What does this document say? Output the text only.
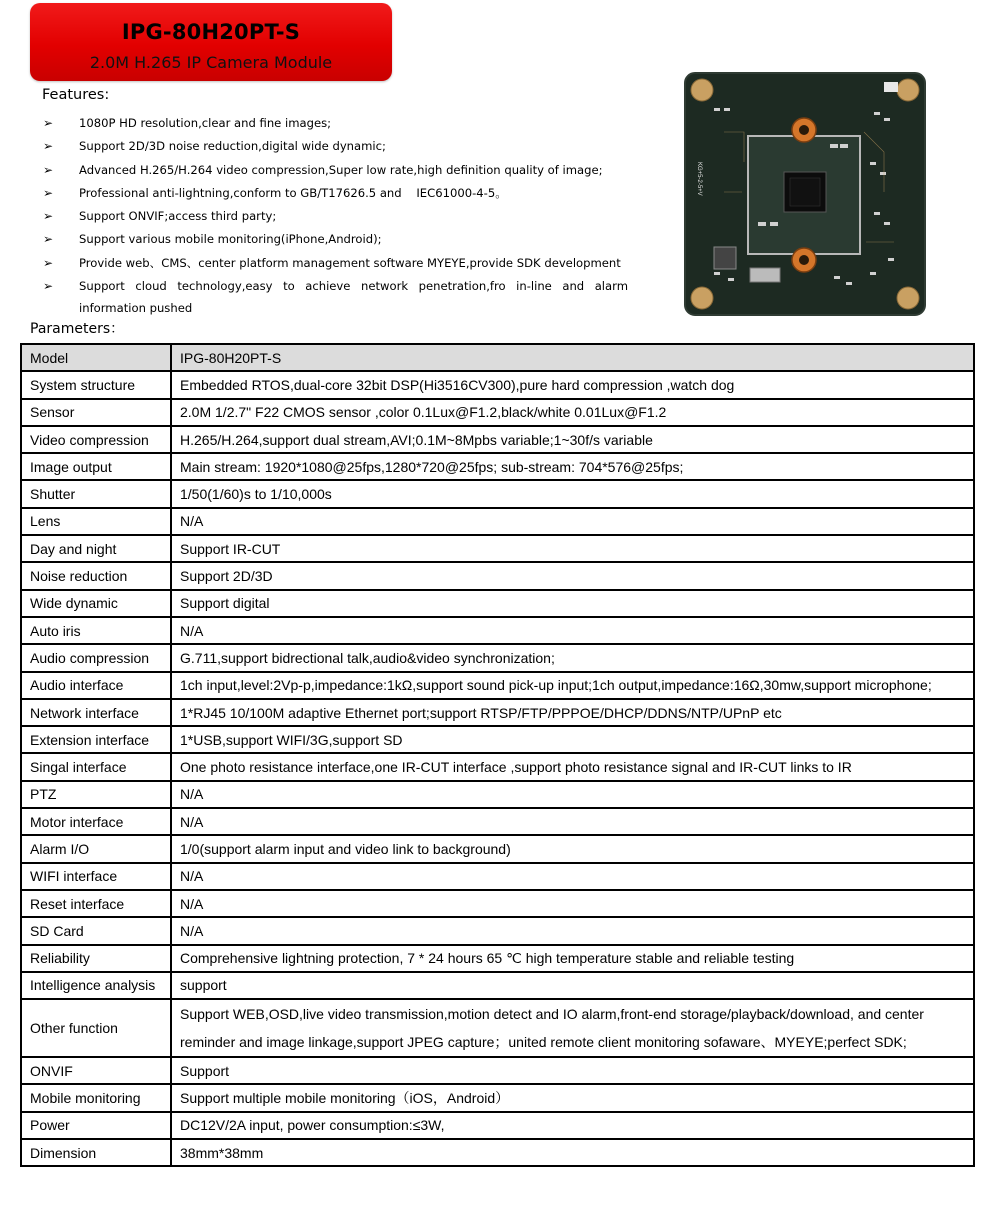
IPG-80H20PT-S
2.0M H.265 IP Camera Module
Features:
➢ 1080P HD resolution,clear and fine images;
➢ Support 2D/3D noise reduction,digital wide dynamic;
➢ Advanced H.265/H.264 video compression,Super low rate,high definition quality of image;
➢ Professional anti-lightning,conform to GB/T17626.5 and    IEC61000-4-5。
➢ Support ONVIF;access third party;
➢ Support various mobile monitoring(iPhone,Android);
➢ Provide web、CMS、center platform management software MYEYE,provide SDK development
➢ Support cloud technology,easy to achieve network penetration,fro in-line and alarm information pushed
KG+5-2-5+V
Parameters：
Model	IPG-80H20PT-S
System structure	Embedded RTOS,dual-core 32bit DSP(Hi3516CV300),pure hard compression ,watch dog
Sensor	2.0M 1/2.7" F22 CMOS sensor ,color 0.1Lux@F1.2,black/white 0.01Lux@F1.2
Video compression	H.265/H.264,support dual stream,AVI;0.1M~8Mpbs variable;1~30f/s variable
Image output	Main stream: 1920*1080@25fps,1280*720@25fps; sub-stream: 704*576@25fps;
Shutter	1/50(1/60)s to 1/10,000s
Lens	N/A
Day and night	Support IR-CUT
Noise reduction	Support 2D/3D
Wide dynamic	Support digital
Auto iris	N/A
Audio compression	G.711,support bidrectional talk,audio&video synchronization;
Audio interface	1ch input,level:2Vp-p,impedance:1kΩ,support sound pick-up input;1ch output,impedance:16Ω,30mw,support microphone;
Network interface	1*RJ45 10/100M adaptive Ethernet port;support RTSP/FTP/PPPOE/DHCP/DDNS/NTP/UPnP etc
Extension interface	1*USB,support WIFI/3G,support SD
Singal interface	One photo resistance interface,one IR-CUT interface ,support photo resistance signal and IR-CUT links to IR
PTZ	N/A
Motor interface	N/A
Alarm I/O	1/0(support alarm input and video link to background)
WIFI interface	N/A
Reset interface	N/A
SD Card	N/A
Reliability	Comprehensive lightning protection, 7 * 24 hours 65 ℃ high temperature stable and reliable testing
Intelligence analysis	support
Other function	Support WEB,OSD,live video transmission,motion detect and IO alarm,front-end storage/playback/download, and center reminder and image linkage,support JPEG capture；united remote client monitoring sofaware、MYEYE;perfect SDK;
ONVIF	Support
Mobile monitoring	Support multiple mobile monitoring（iOS，Android）
Power	DC12V/2A input, power consumption:≤3W,
Dimension	38mm*38mm
